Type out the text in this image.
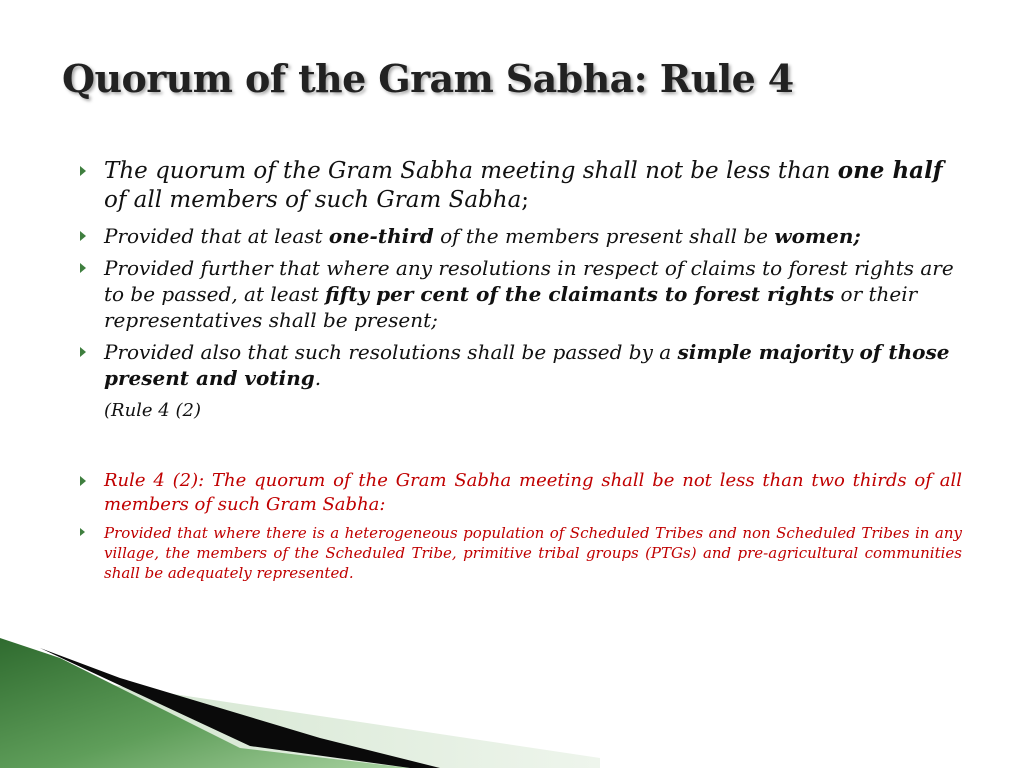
Quorum of the Gram Sabha: Rule 4
The quorum of the Gram Sabha meeting shall not be less than one half of all members of such Gram Sabha;
Provided that at least one-third of the members present shall be women;
Provided further that where any resolutions in respect of claims to forest rights are to be passed, at least fifty per cent of the claimants to forest rights or their representatives shall be present;
Provided also that such resolutions shall be passed by a simple majority of those present and voting.
(Rule 4 (2)
Rule 4 (2): The quorum of the Gram Sabha meeting shall be not less than two thirds of all members of such Gram Sabha:
Provided that where there is a heterogeneous population of Scheduled Tribes and non Scheduled Tribes in any village, the members of the Scheduled Tribe, primitive tribal groups (PTGs) and pre-agricultural communities shall be adequately represented.
